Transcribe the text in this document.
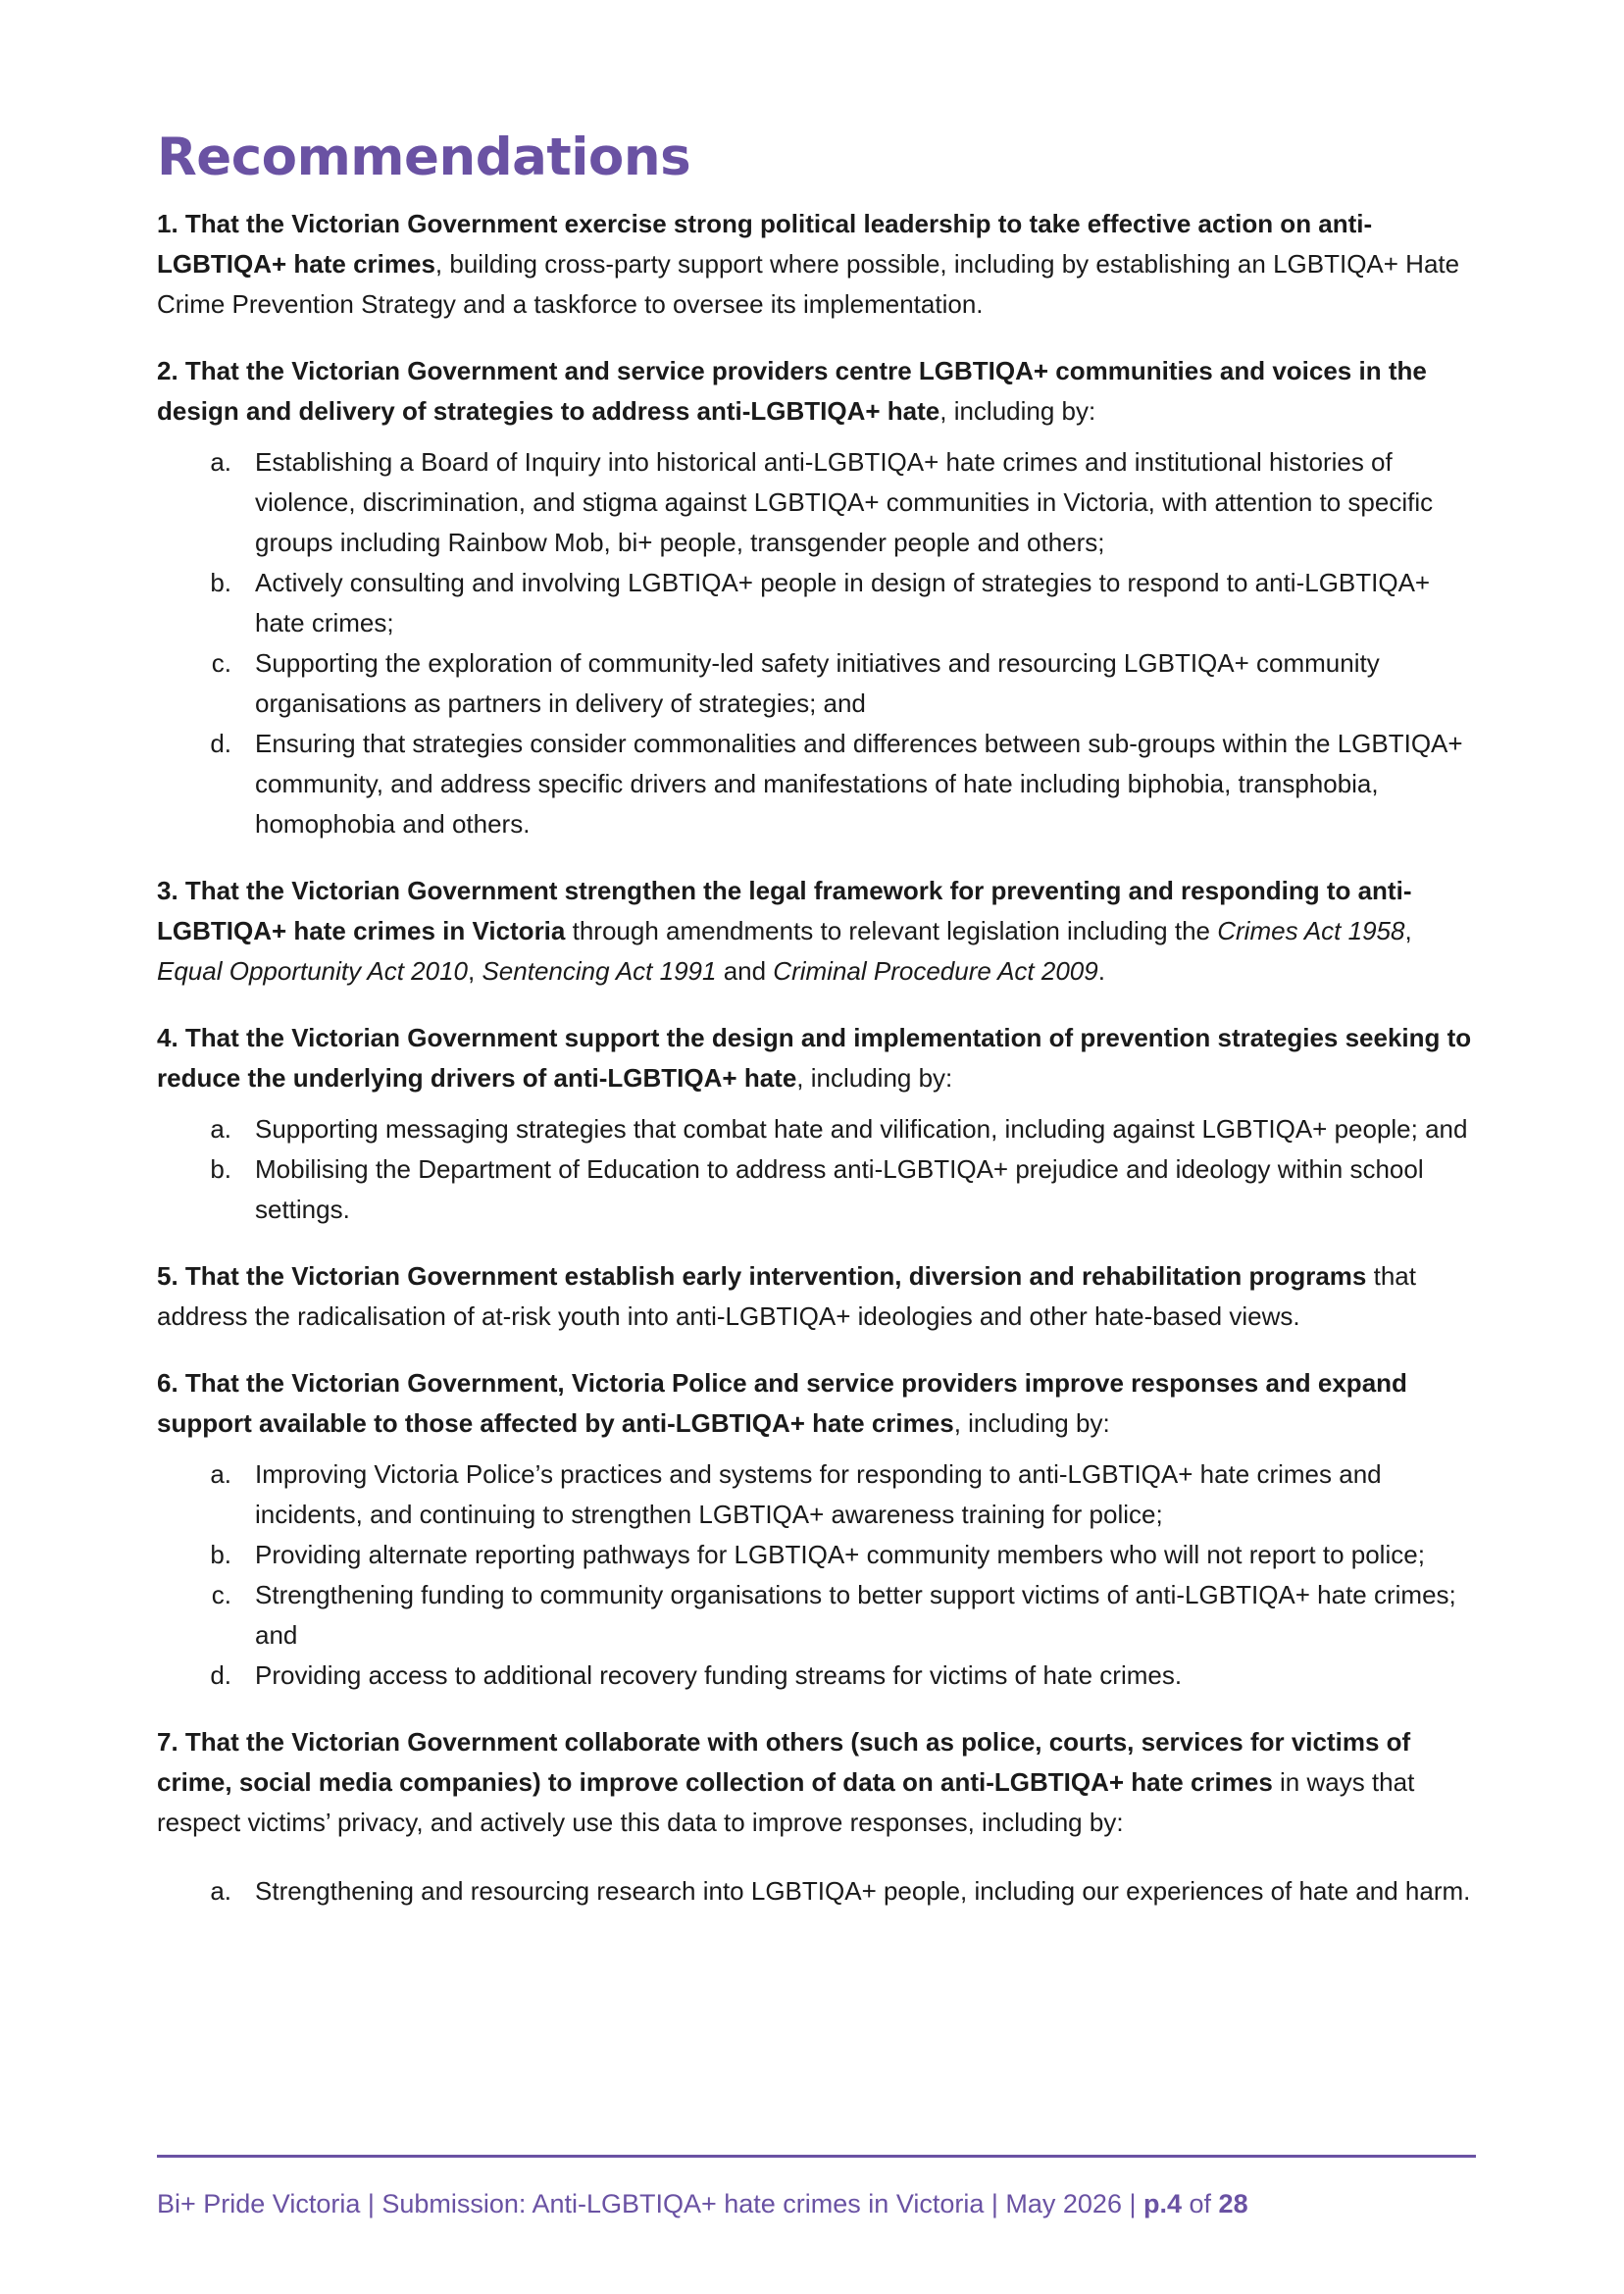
Recommendations

1. That the Victorian Government exercise strong political leadership to take effective action on anti-LGBTIQA+ hate crimes, building cross-party support where possible, including by establishing an LGBTIQA+ Hate Crime Prevention Strategy and a taskforce to oversee its implementation.

2. That the Victorian Government and service providers centre LGBTIQA+ communities and voices in the design and delivery of strategies to address anti-LGBTIQA+ hate, including by:

a. Establishing a Board of Inquiry into historical anti-LGBTIQA+ hate crimes and institutional histories of violence, discrimination, and stigma against LGBTIQA+ communities in Victoria, with attention to specific groups including Rainbow Mob, bi+ people, transgender people and others;
b. Actively consulting and involving LGBTIQA+ people in design of strategies to respond to anti-LGBTIQA+ hate crimes;
c. Supporting the exploration of community-led safety initiatives and resourcing LGBTIQA+ community organisations as partners in delivery of strategies; and
d. Ensuring that strategies consider commonalities and differences between sub-groups within the LGBTIQA+ community, and address specific drivers and manifestations of hate including biphobia, transphobia, homophobia and others.

3. That the Victorian Government strengthen the legal framework for preventing and responding to anti-LGBTIQA+ hate crimes in Victoria through amendments to relevant legislation including the Crimes Act 1958, Equal Opportunity Act 2010, Sentencing Act 1991 and Criminal Procedure Act 2009.

4. That the Victorian Government support the design and implementation of prevention strategies seeking to reduce the underlying drivers of anti-LGBTIQA+ hate, including by:

a. Supporting messaging strategies that combat hate and vilification, including against LGBTIQA+ people; and
b. Mobilising the Department of Education to address anti-LGBTIQA+ prejudice and ideology within school settings.

5. That the Victorian Government establish early intervention, diversion and rehabilitation programs that address the radicalisation of at-risk youth into anti-LGBTIQA+ ideologies and other hate-based views.

6. That the Victorian Government, Victoria Police and service providers improve responses and expand support available to those affected by anti-LGBTIQA+ hate crimes, including by:

a. Improving Victoria Police’s practices and systems for responding to anti-LGBTIQA+ hate crimes and incidents, and continuing to strengthen LGBTIQA+ awareness training for police;
b. Providing alternate reporting pathways for LGBTIQA+ community members who will not report to police;
c. Strengthening funding to community organisations to better support victims of anti-LGBTIQA+ hate crimes; and
d. Providing access to additional recovery funding streams for victims of hate crimes.

7. That the Victorian Government collaborate with others (such as police, courts, services for victims of crime, social media companies) to improve collection of data on anti-LGBTIQA+ hate crimes in ways that respect victims’ privacy, and actively use this data to improve responses, including by:

a. Strengthening and resourcing research into LGBTIQA+ people, including our experiences of hate and harm.
Bi+ Pride Victoria | Submission: Anti-LGBTIQA+ hate crimes in Victoria | May 2026 | p.4 of 28
